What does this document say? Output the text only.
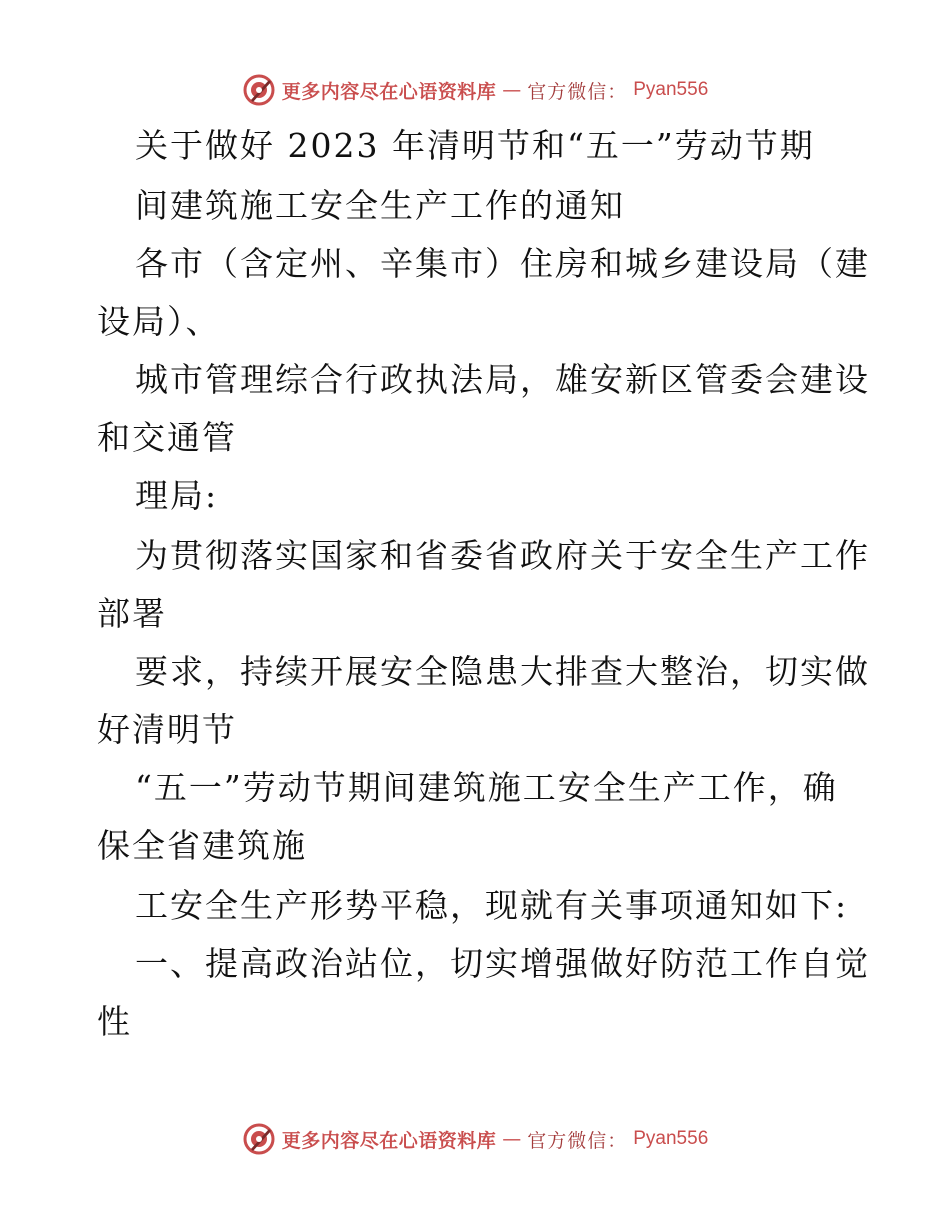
更多内容尽在心语资料库 — 官方微信： Pyan556
关于做好 2023 年清明节和“五一”劳动节期
间建筑施工安全生产工作的通知
各市（含定州、辛集市）住房和城乡建设局（建
设局）、
城市管理综合行政执法局，雄安新区管委会建设
和交通管
理局:
为贯彻落实国家和省委省政府关于安全生产工作
部署
要求，持续开展安全隐患大排查大整治，切实做
好清明节
“五一”劳动节期间建筑施工安全生产工作，确
保全省建筑施
工安全生产形势平稳，现就有关事项通知如下:
一、提高政治站位，切实增强做好防范工作自觉
性
更多内容尽在心语资料库 — 官方微信： Pyan556
